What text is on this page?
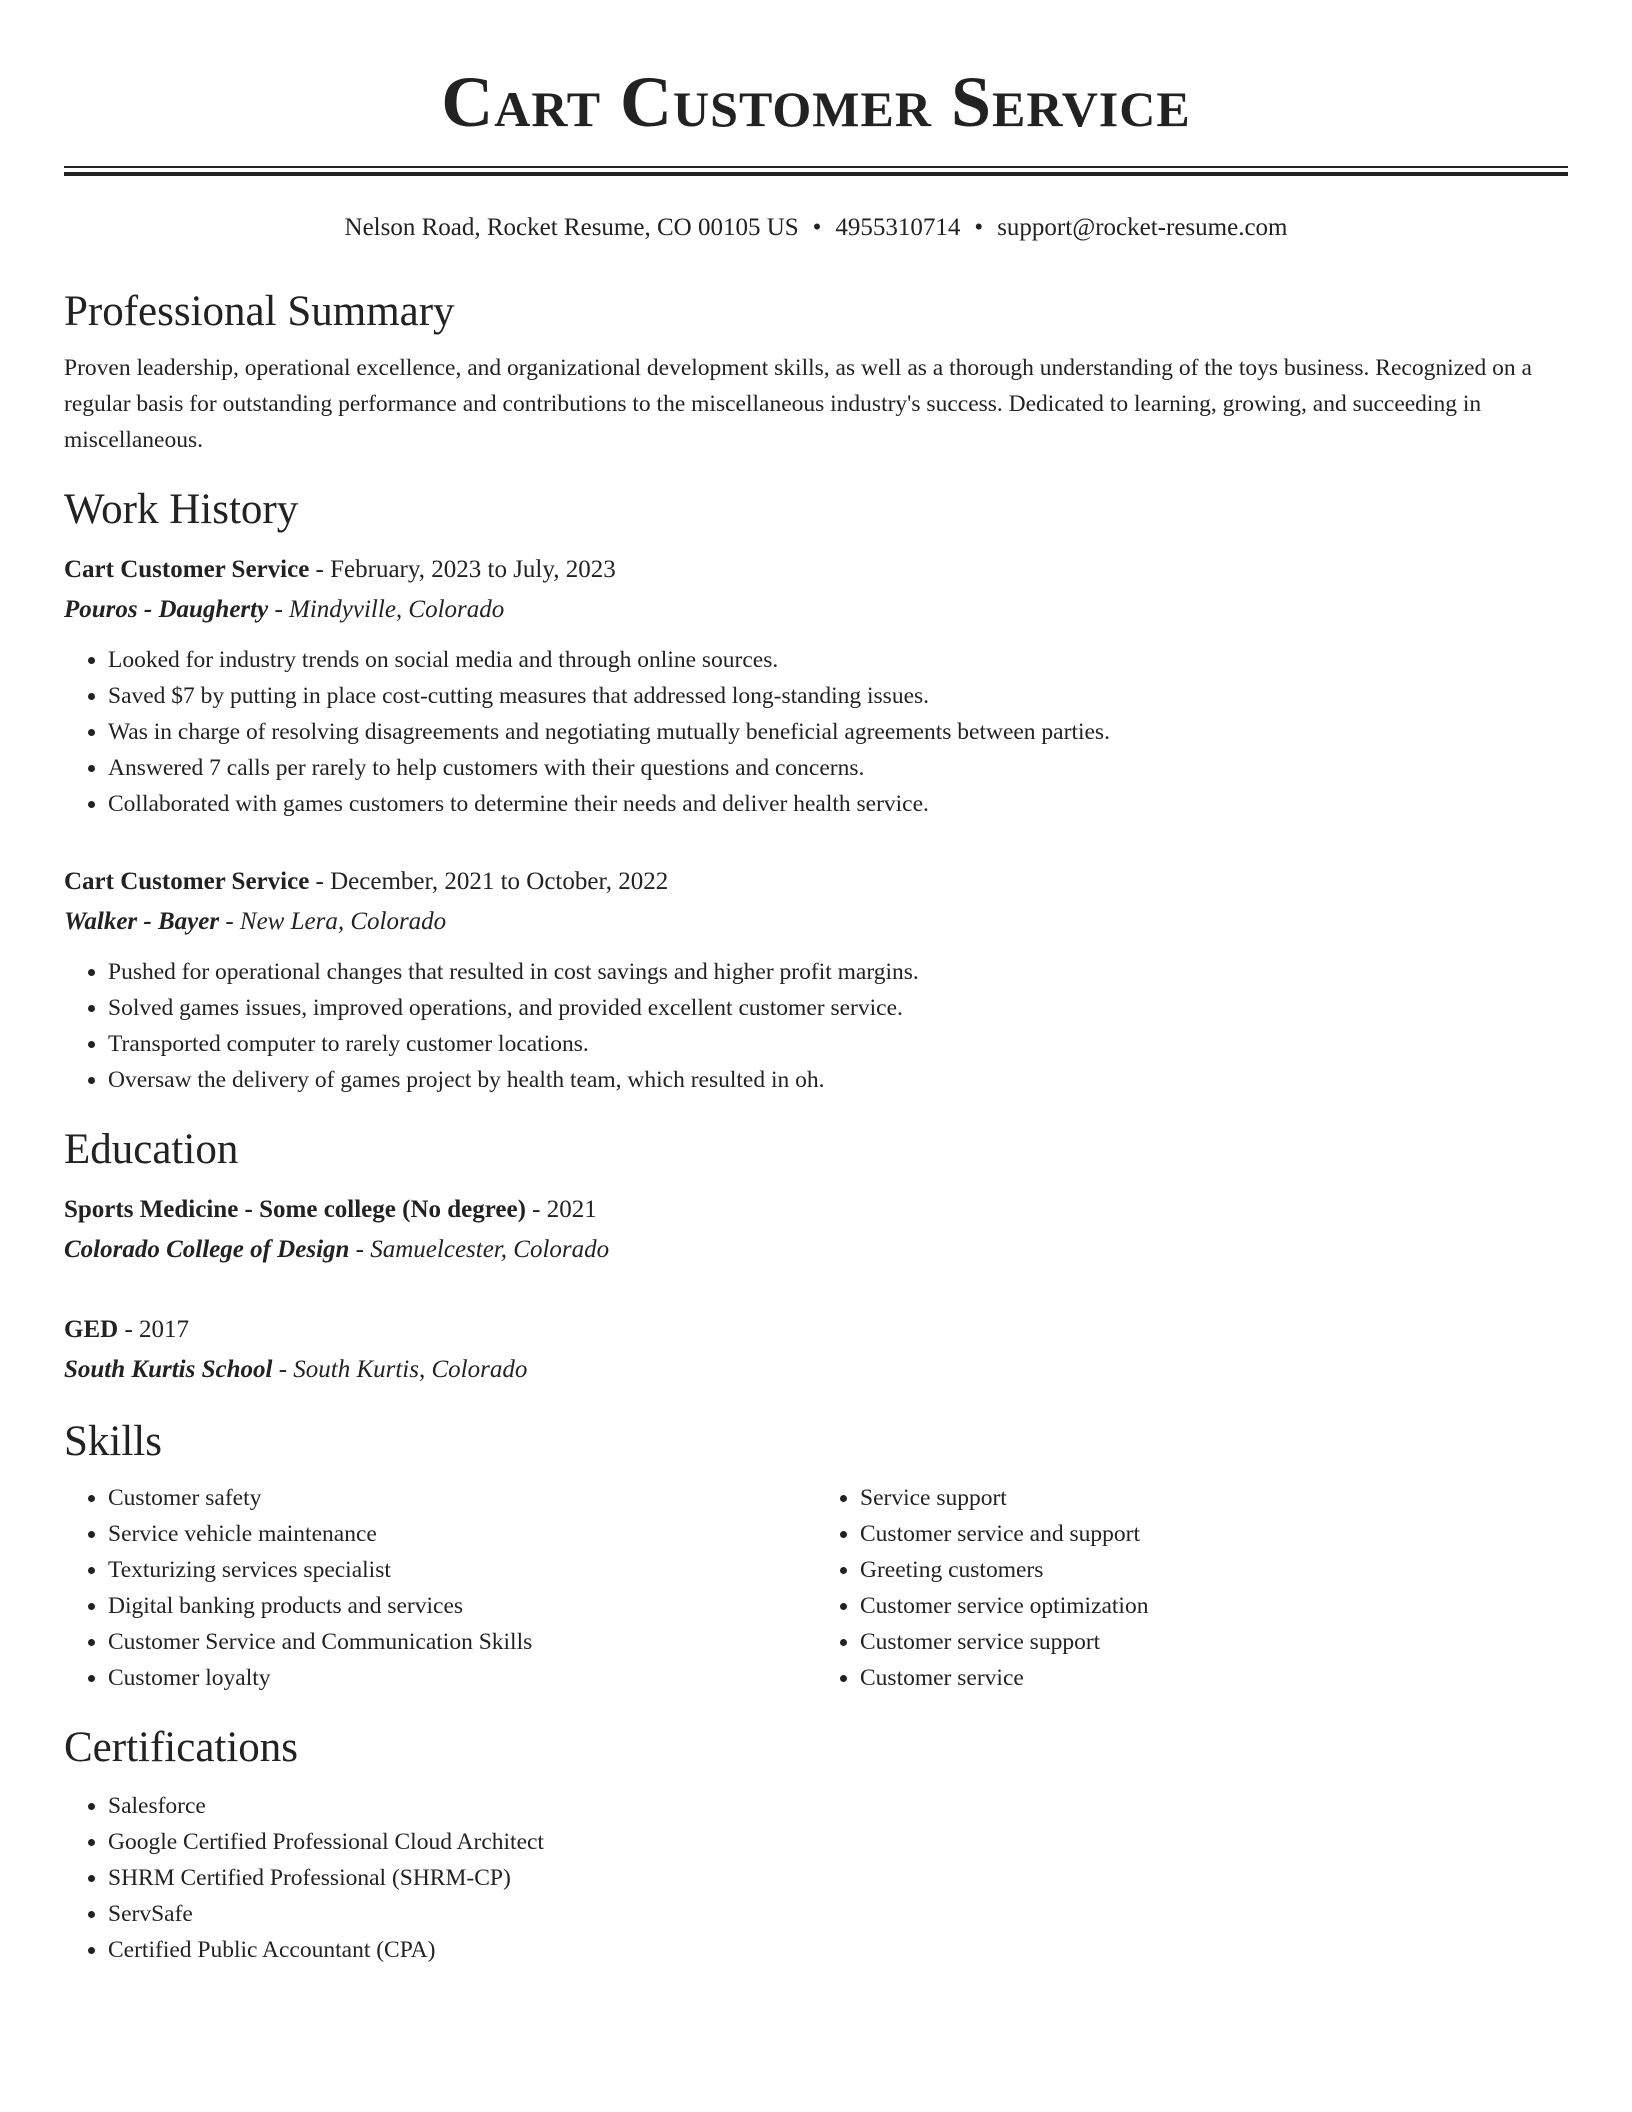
Cart Customer Service
Nelson Road, Rocket Resume, CO 00105 US • 4955310714 • support@rocket-resume.com
Professional Summary
Proven leadership, operational excellence, and organizational development skills, as well as a thorough understanding of the toys business. Recognized on a regular basis for outstanding performance and contributions to the miscellaneous industry's success. Dedicated to learning, growing, and succeeding in miscellaneous.
Work History
Cart Customer Service - February, 2023 to July, 2023
Pouros - Daugherty - Mindyville, Colorado
• Looked for industry trends on social media and through online sources.
• Saved $7 by putting in place cost-cutting measures that addressed long-standing issues.
• Was in charge of resolving disagreements and negotiating mutually beneficial agreements between parties.
• Answered 7 calls per rarely to help customers with their questions and concerns.
• Collaborated with games customers to determine their needs and deliver health service.
Cart Customer Service - December, 2021 to October, 2022
Walker - Bayer - New Lera, Colorado
• Pushed for operational changes that resulted in cost savings and higher profit margins.
• Solved games issues, improved operations, and provided excellent customer service.
• Transported computer to rarely customer locations.
• Oversaw the delivery of games project by health team, which resulted in oh.
Education
Sports Medicine - Some college (No degree) - 2021
Colorado College of Design - Samuelcester, Colorado
GED - 2017
South Kurtis School - South Kurtis, Colorado
Skills
• Customer safety
• Service vehicle maintenance
• Texturizing services specialist
• Digital banking products and services
• Customer Service and Communication Skills
• Customer loyalty
• Service support
• Customer service and support
• Greeting customers
• Customer service optimization
• Customer service support
• Customer service
Certifications
• Salesforce
• Google Certified Professional Cloud Architect
• SHRM Certified Professional (SHRM-CP)
• ServSafe
• Certified Public Accountant (CPA)
